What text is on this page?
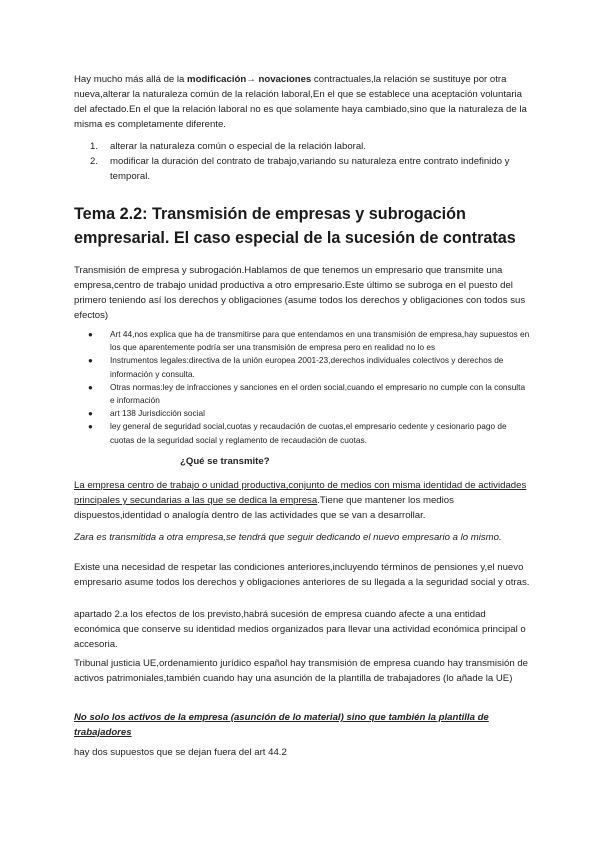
Hay mucho más allá de la modificación→ novaciones contractuales,la relación se sustituye por otra nueva,alterar la naturaleza común de la relación laboral,En el que se establece una aceptación voluntaria del afectado.En el que la relación laboral no es que solamente haya cambiado,sino que la naturaleza de la misma es completamente diferente.

1. alterar la naturaleza común o especial de la relación laboral.
2. modificar la duración del contrato de trabajo,variando su naturaleza entre contrato indefinido y temporal.
Tema 2.2: Transmisión de empresas y subrogación empresarial. El caso especial de la sucesión de contratas

Transmisión de empresa y subrogación.Hablamos de que tenemos un empresario que transmite una empresa,centro de trabajo unidad productiva a otro empresario.Este último se subroga en el puesto del primero teniendo así los derechos y obligaciones (asume todos los derechos y obligaciones con todos sus efectos)

● Art 44,nos explica que ha de transmitirse para que entendamos en una transmisión de empresa,hay supuestos en los que aparentemente podría ser una transmisión de empresa pero en realidad no lo es
● Instrumentos legales:directiva de la unión europea 2001-23,derechos individuales colectivos y derechos de información y consulta.
● Otras normas:ley de infracciones y sanciones en el orden social,cuando el empresario no cumple con la consulta e información
● art 138 Jurisdicción social
● ley general de seguridad social,cuotas y recaudación de cuotas,el empresario cedente y cesionario pago de cuotas de la seguridad social y reglamento de recaudación de cuotas.

¿Qué se transmite?

La empresa centro de trabajo o unidad productiva,conjunto de medios con misma identidad de actividades principales y secundarias a las que se dedica la empresa.Tiene que mantener los medios dispuestos,identidad o analogía dentro de las actividades que se van a desarrollar.

Zara es transmitida a otra empresa,se tendrá que seguir dedicando el nuevo empresario a lo mismo.

Existe una necesidad de respetar las condiciones anteriores,incluyendo términos de pensiones y,el nuevo empresario asume todos los derechos y obligaciones anteriores de su llegada a la seguridad social y otras.

apartado 2.a los efectos de los previsto,habrá sucesión de empresa cuando afecte a una entidad económica que conserve su identidad medios organizados para llevar una actividad económica principal o accesoria.

Tribunal justicia UE,ordenamiento jurídico español hay transmisión de empresa cuando hay transmisión de activos patrimoniales,también cuando hay una asunción de la plantilla de trabajadores (lo añade la UE)

No solo los activos de la empresa (asunción de lo material) sino que también la plantilla de trabajadores

hay dos supuestos que se dejan fuera del art 44.2
